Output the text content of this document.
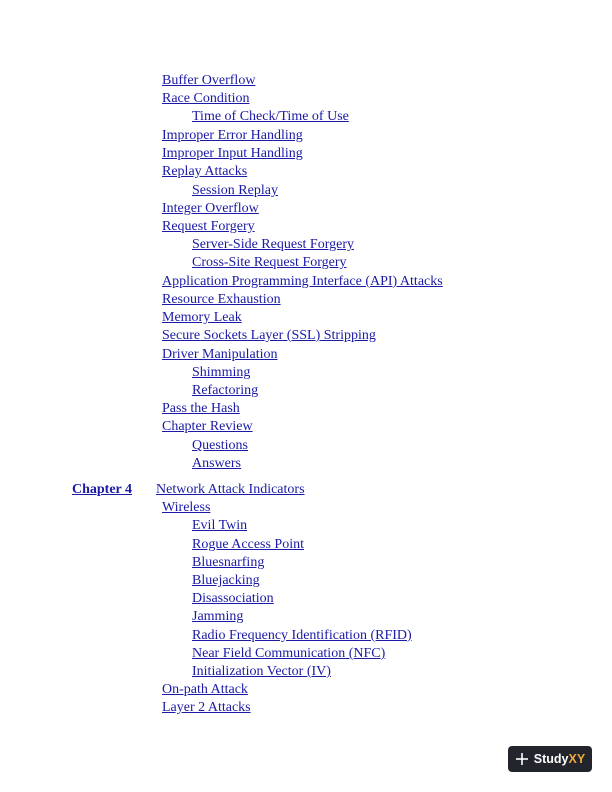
Buffer Overflow
Race Condition
Time of Check/Time of Use
Improper Error Handling
Improper Input Handling
Replay Attacks
Session Replay
Integer Overflow
Request Forgery
Server-Side Request Forgery
Cross-Site Request Forgery
Application Programming Interface (API) Attacks
Resource Exhaustion
Memory Leak
Secure Sockets Layer (SSL) Stripping
Driver Manipulation
Shimming
Refactoring
Pass the Hash
Chapter Review
Questions
Answers
Chapter 4 Network Attack Indicators
Wireless
Evil Twin
Rogue Access Point
Bluesnarfing
Bluejacking
Disassociation
Jamming
Radio Frequency Identification (RFID)
Near Field Communication (NFC)
Initialization Vector (IV)
On-path Attack
Layer 2 Attacks
Study XY
